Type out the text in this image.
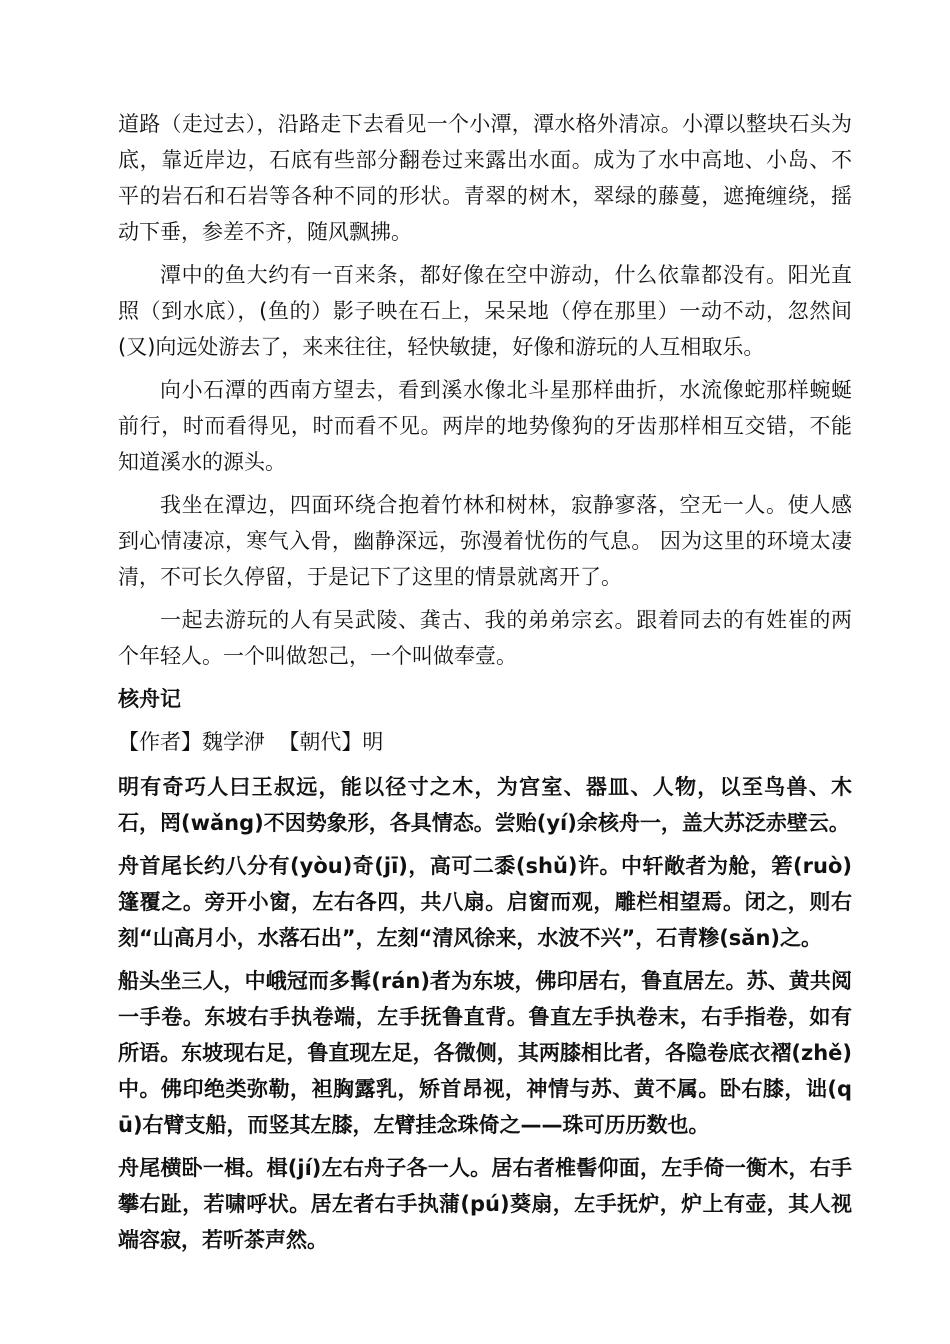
道路（走过去），沿路走下去看见一个小潭，潭水格外清凉。小潭以整块石头为底，靠近岸边，石底有些部分翻卷过来露出水面。成为了水中高地、小岛、不平的岩石和石岩等各种不同的形状。青翠的树木，翠绿的藤蔓，遮掩缠绕，摇动下垂，参差不齐，随风飘拂。

潭中的鱼大约有一百来条，都好像在空中游动，什么依靠都没有。阳光直照（到水底），(鱼的）影子映在石上，呆呆地（停在那里）一动不动，忽然间(又)向远处游去了，来来往往，轻快敏捷，好像和游玩的人互相取乐。

向小石潭的西南方望去，看到溪水像北斗星那样曲折，水流像蛇那样蜿蜒前行，时而看得见，时而看不见。两岸的地势像狗的牙齿那样相互交错，不能知道溪水的源头。

我坐在潭边，四面环绕合抱着竹林和树林，寂静寥落，空无一人。使人感到心情凄凉，寒气入骨，幽静深远，弥漫着忧伤的气息。 因为这里的环境太凄清，不可长久停留，于是记下了这里的情景就离开了。

一起去游玩的人有吴武陵、龚古、我的弟弟宗玄。跟着同去的有姓崔的两个年轻人。一个叫做恕己，一个叫做奉壹。

核舟记
【作者】魏学洢  【朝代】明

明有奇巧人曰王叔远，能以径寸之木，为宫室、器皿、人物，以至鸟兽、木石，罔(wǎng)不因势象形，各具情态。尝贻(yí)余核舟一，盖大苏泛赤壁云。

舟首尾长约八分有(yòu)奇(jī)，高可二黍(shǔ)许。中轩敞者为舱，箬(ruò)篷覆之。旁开小窗，左右各四，共八扇。启窗而观，雕栏相望焉。闭之，则右刻“山高月小，水落石出”，左刻“清风徐来，水波不兴”，石青糁(sǎn)之。

船头坐三人，中峨冠而多髯(rán)者为东坡，佛印居右，鲁直居左。苏、黄共阅一手卷。东坡右手执卷端，左手抚鲁直背。鲁直左手执卷末，右手指卷，如有所语。东坡现右足，鲁直现左足，各微侧，其两膝相比者，各隐卷底衣褶(zhě)中。佛印绝类弥勒，袒胸露乳，矫首昂视，神情与苏、黄不属。卧右膝，诎(qū)右臂支船，而竖其左膝，左臂挂念珠倚之——珠可历历数也。

舟尾横卧一楫。楫(jí)左右舟子各一人。居右者椎髻仰面，左手倚一衡木，右手攀右趾，若啸呼状。居左者右手执蒲(pú)葵扇，左手抚炉，炉上有壶，其人视端容寂，若听茶声然。
